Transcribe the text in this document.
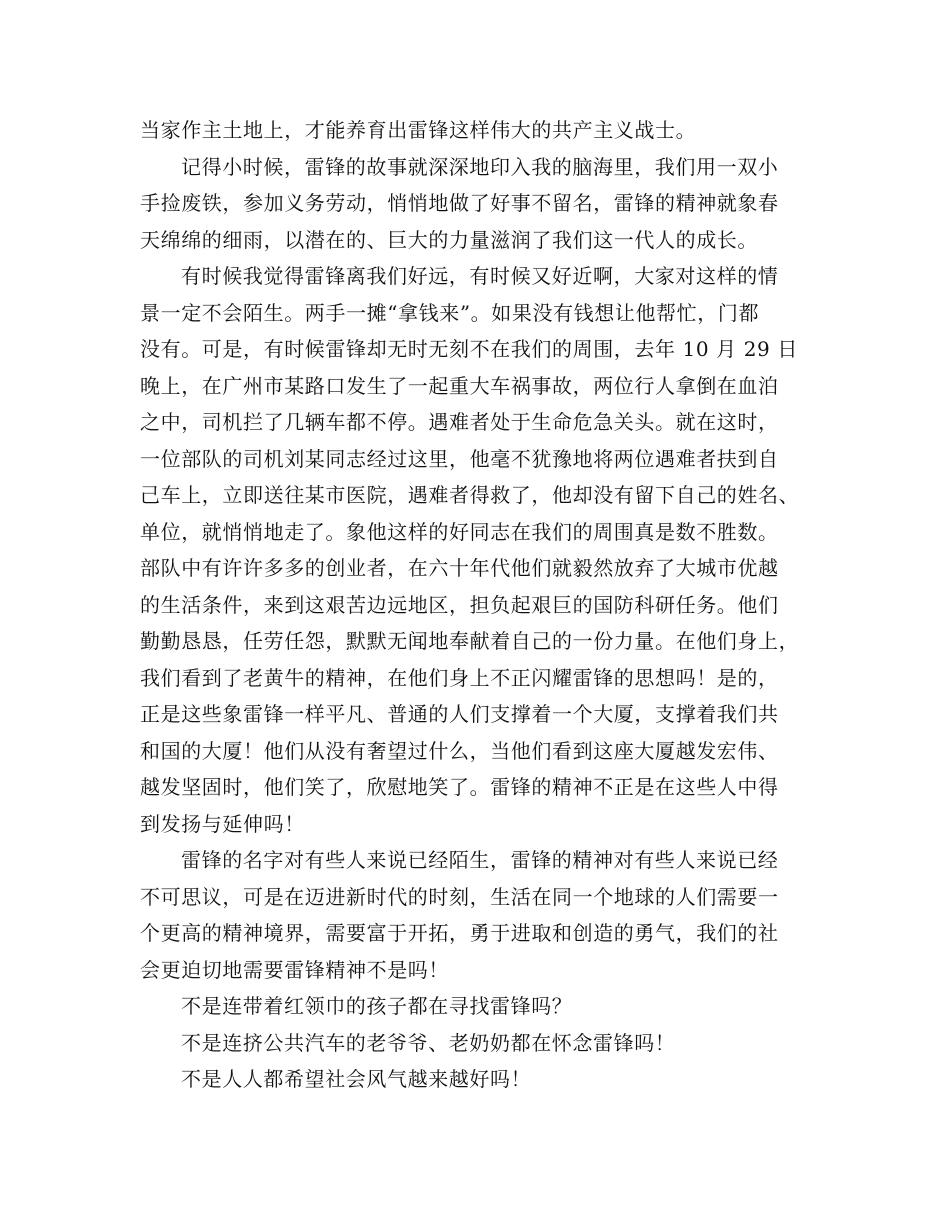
当家作主土地上，才能养育出雷锋这样伟大的共产主义战士。
记得小时候，雷锋的故事就深深地印入我的脑海里，我们用一双小
手捡废铁，参加义务劳动，悄悄地做了好事不留名，雷锋的精神就象春
天绵绵的细雨，以潜在的、巨大的力量滋润了我们这一代人的成长。
有时候我觉得雷锋离我们好远，有时候又好近啊，大家对这样的情
景一定不会陌生。两手一摊“拿钱来”。如果没有钱想让他帮忙，门都
没有。可是，有时候雷锋却无时无刻不在我们的周围，去年 10 月 29 日
晚上，在广州市某路口发生了一起重大车祸事故，两位行人拿倒在血泊
之中，司机拦了几辆车都不停。遇难者处于生命危急关头。就在这时，
一位部队的司机刘某同志经过这里，他毫不犹豫地将两位遇难者扶到自
己车上，立即送往某市医院，遇难者得救了，他却没有留下自己的姓名、
单位，就悄悄地走了。象他这样的好同志在我们的周围真是数不胜数。
部队中有许许多多的创业者，在六十年代他们就毅然放弃了大城市优越
的生活条件，来到这艰苦边远地区，担负起艰巨的国防科研任务。他们
勤勤恳恳，任劳任怨，默默无闻地奉献着自己的一份力量。在他们身上，
我们看到了老黄牛的精神，在他们身上不正闪耀雷锋的思想吗！是的，
正是这些象雷锋一样平凡、普通的人们支撑着一个大厦，支撑着我们共
和国的大厦！他们从没有奢望过什么，当他们看到这座大厦越发宏伟、
越发坚固时，他们笑了，欣慰地笑了。雷锋的精神不正是在这些人中得
到发扬与延伸吗！
雷锋的名字对有些人来说已经陌生，雷锋的精神对有些人来说已经
不可思议，可是在迈进新时代的时刻，生活在同一个地球的人们需要一
个更高的精神境界，需要富于开拓，勇于进取和创造的勇气，我们的社
会更迫切地需要雷锋精神不是吗！
不是连带着红领巾的孩子都在寻找雷锋吗？
不是连挤公共汽车的老爷爷、老奶奶都在怀念雷锋吗！
不是人人都希望社会风气越来越好吗！
